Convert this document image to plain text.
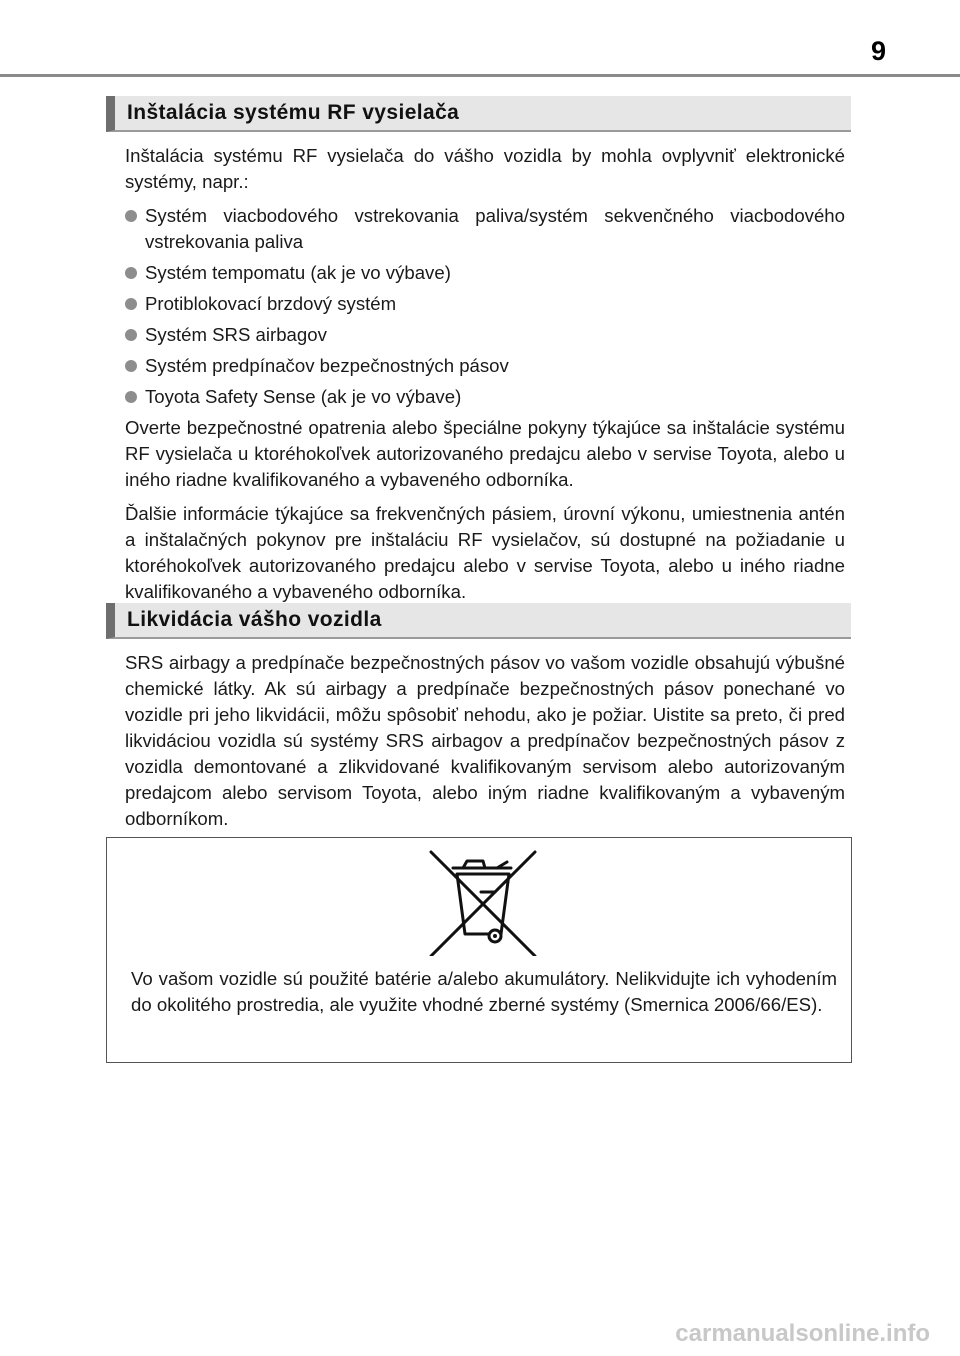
9
Inštalácia systému RF vysielača

Inštalácia systému RF vysielača do vášho vozidla by mohla ovplyvniť elektronické systémy, napr.:

Systém viacbodového vstrekovania paliva/systém sekvenčného viacbodového vstrekovania paliva
Systém tempomatu (ak je vo výbave)
Protiblokovací brzdový systém
Systém SRS airbagov
Systém predpínačov bezpečnostných pásov
Toyota Safety Sense (ak je vo výbave)

Overte bezpečnostné opatrenia alebo špeciálne pokyny týkajúce sa inštalácie systému RF vysielača u ktoréhokoľvek autorizovaného predajcu alebo v servise Toyota, alebo u iného riadne kvalifikovaného a vybaveného odborníka.

Ďalšie informácie týkajúce sa frekvenčných pásiem, úrovní výkonu, umiestnenia antén a inštalačných pokynov pre inštaláciu RF vysielačov, sú dostupné na požiadanie u ktoréhokoľvek autorizovaného predajcu alebo v servise Toyota, alebo u iného riadne kvalifikovaného a vybaveného odborníka.

Likvidácia vášho vozidla

SRS airbagy a predpínače bezpečnostných pásov vo vašom vozidle obsahujú výbušné chemické látky. Ak sú airbagy a predpínače bezpečnostných pásov ponechané vo vozidle pri jeho likvidácii, môžu spôsobiť nehodu, ako je požiar. Uistite sa preto, či pred likvidáciou vozidla sú systémy SRS airbagov a predpínačov bezpečnostných pásov z vozidla demontované a zlikvidované kvalifikovaným servisom alebo autorizovaným predajcom alebo servisom Toyota, alebo iným riadne kvalifikovaným a vybaveným odborníkom.

Vo vašom vozidle sú použité batérie a/alebo akumulátory. Nelikvidujte ich vyhodením do okolitého prostredia, ale využite vhodné zberné systémy (Smernica 2006/66/ES).
carmanualsonline.info
